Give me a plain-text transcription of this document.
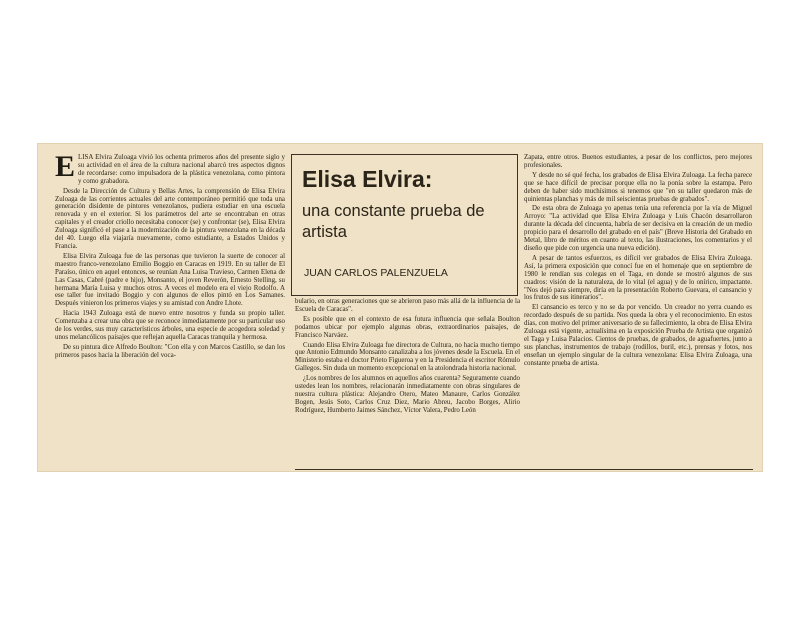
E LISA Elvira Zuloaga vivió los ochenta primeros años del presente siglo y su actividad en el área de la cultura nacional abarcó tres aspectos dignos de recordarse: como impulsadora de la plástica venezolana, como pintora y como grabadora.

Desde la Dirección de Cultura y Bellas Artes, la comprensión de Elisa Elvira Zuloaga de las corrientes actuales del arte contemporáneo permitió que toda una generación disidente de pintores venezolanos, pudiera estudiar en una escuela renovada y en el exterior. Si los parámetros del arte se encontraban en otras capitales y el creador criollo necesitaba conocer (se) y confrontar (se), Elisa Elvira Zuloaga significó el pase a la modernización de la pintura venezolana en la década del 40. Luego ella viajaría nuevamente, como estudiante, a Estados Unidos y Francia.

Elisa Elvira Zuloaga fue de las personas que tuvieron la suerte de conocer al maestro franco-venezolano Emilio Boggio en Caracas en 1919. En su taller de El Paraíso, único en aquel entonces, se reunían Ana Luisa Travieso, Carmen Elena de Las Casas, Cabré (padre e hijo), Monsanto, el joven Reverón, Ernesto Stelling, su hermana María Luisa y muchos otros. A veces el modelo era el viejo Rodolfo. A ese taller fue invitado Boggio y con algunos de ellos pintó en Los Samanes. Después vinieron los primeros viajes y su amistad con Andre Lhote.

Hacia 1943 Zuloaga está de nuevo entre nosotros y funda su propio taller. Comenzaba a crear una obra que se reconoce inmediatamente por su particular uso de los verdes, sus muy característicos árboles, una especie de acogedora soledad y unos melancólicos paisajes que reflejan aquella Caracas tranquila y hermosa.

De su pintura dice Alfredo Boulton: "Con ella y con Marcos Castillo, se dan los primeros pasos hacia la liberación del voca-

Elisa Elvira:
una constante prueba de artista
JUAN CARLOS PALENZUELA

bulario, en otras generaciones que se abrieron paso más allá de la influencia de la Escuela de Caracas".

Es posible que en el contexto de esa futura influencia que señala Boulton podamos ubicar por ejemplo algunas obras, extraordinarios paisajes, de Francisco Narváez.

Cuando Elisa Elvira Zuloaga fue directora de Cultura, no hacía mucho tiempo que Antonio Edmundo Monsanto canalizaba a los jóvenes desde la Escuela. En el Ministerio estaba el doctor Prieto Figueroa y en la Presidencia el escritor Rómulo Gallegos. Sin duda un momento excepcional en la atolondrada historia nacional.

¿Los nombres de los alumnos en aquellos años cuarenta? Seguramente cuando ustedes lean los nombres, relacionarán inmediatamente con obras singulares de nuestra cultura plástica: Alejandro Otero, Mateo Manaure, Carlos González Bogen, Jesús Soto, Carlos Cruz Diez, Mario Abreu, Jacobo Borges, Alirio Rodríguez, Humberto Jaimes Sánchez, Víctor Valera, Pedro León

Zapata, entre otros. Buenos estudiantes, a pesar de los conflictos, pero mejores profesionales.

Y desde no sé qué fecha, los grabados de Elisa Elvira Zuloaga. La fecha parece que se hace difícil de precisar porque ella no la ponía sobre la estampa. Pero deben de haber sido muchísimos si tenemos que "en su taller quedaron más de quinientas planchas y más de mil seiscientas pruebas de grabados".

De esta obra de Zuloaga yo apenas tenía una referencia por la vía de Miguel Arroyo: "La actividad que Elisa Elvira Zuloaga y Luis Chacón desarrollaron durante la década del cincuenta, habría de ser decisiva en la creación de un medio propicio para el desarrollo del grabado en el país" (Breve Historia del Grabado en Metal, libro de méritos en cuanto al texto, las ilustraciones, los comentarios y el diseño que pide con urgencia una nueva edición).

A pesar de tantos esfuerzos, es difícil ver grabados de Elisa Elvira Zuloaga. Así, la primera exposición que conocí fue en el homenaje que en septiembre de 1980 le rendían sus colegas en el Taga, en donde se mostró algunos de sus cuadros: visión de la naturaleza, de lo vital (el agua) y de lo onírico, impactante. "Nos dejó para siempre, diría en la presentación Roberto Guevara, el cansancio y los frutos de sus itinerarios".

El cansancio es terco y no se da por vencido. Un creador no yerra cuando es recordado después de su partida. Nos queda la obra y el reconocimiento. En estos días, con motivo del primer aniversario de su fallecimiento, la obra de Elisa Elvira Zuloaga está vigente, actualísima en la exposición Prueba de Artista que organizó el Taga y Luisa Palacios. Cientos de pruebas, de grabados, de aguafuertes, junto a sus planchas, instrumentos de trabajo (rodillos, buril, etc.), prensas y fotos, nos enseñan un ejemplo singular de la cultura venezolana: Elisa Elvira Zuloaga, una constante prueba de artista.
